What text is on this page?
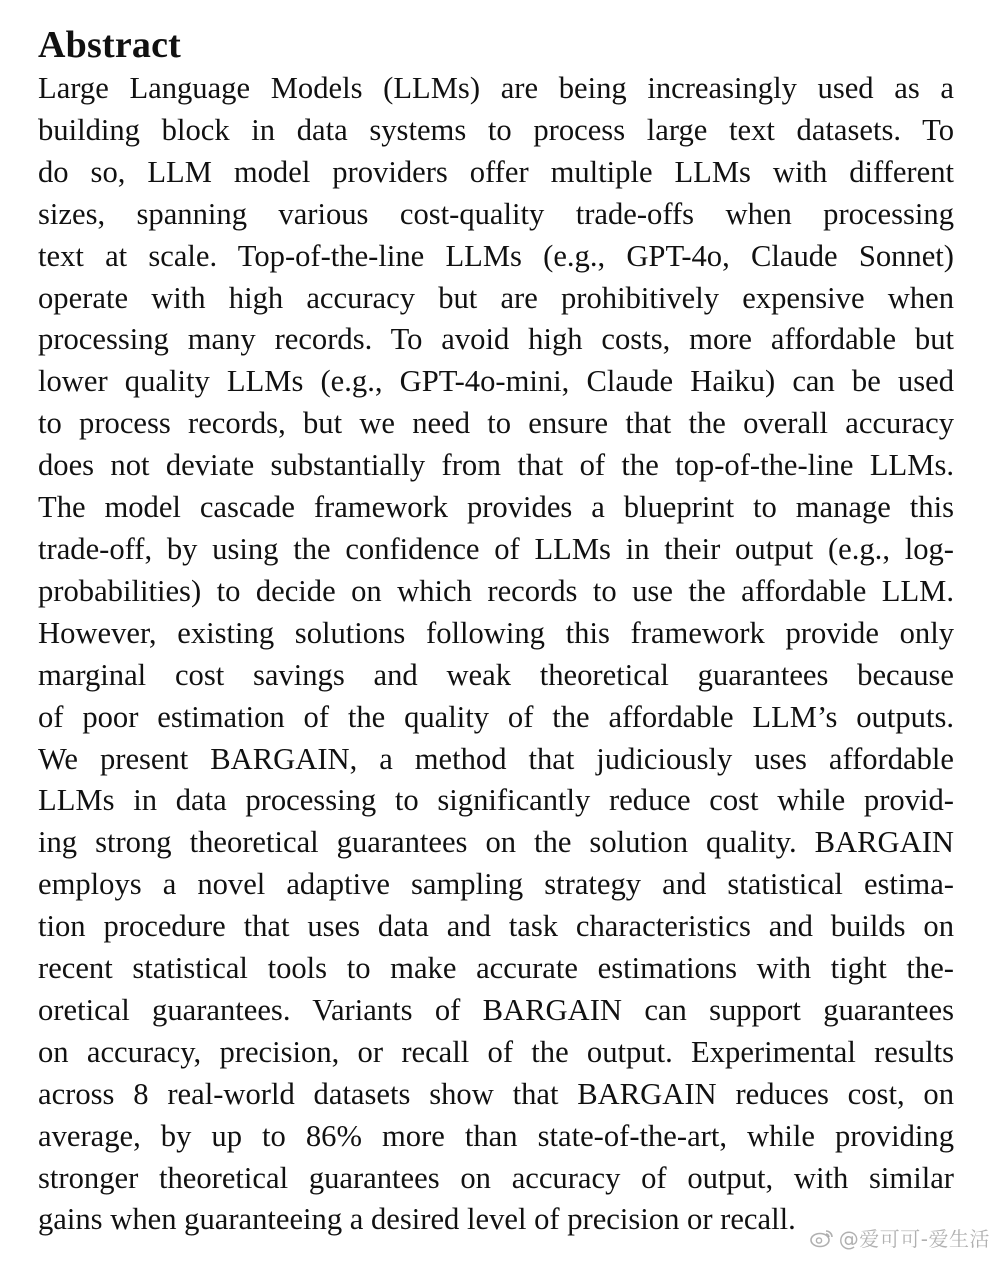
Abstract

Large Language Models (LLMs) are being increasingly used as a
building block in data systems to process large text datasets. To
do so, LLM model providers offer multiple LLMs with different
sizes, spanning various cost-quality trade-offs when processing
text at scale. Top-of-the-line LLMs (e.g., GPT-4o, Claude Sonnet)
operate with high accuracy but are prohibitively expensive when
processing many records. To avoid high costs, more affordable but
lower quality LLMs (e.g., GPT-4o-mini, Claude Haiku) can be used
to process records, but we need to ensure that the overall accuracy
does not deviate substantially from that of the top-of-the-line LLMs.
The model cascade framework provides a blueprint to manage this
trade-off, by using the confidence of LLMs in their output (e.g., log-
probabilities) to decide on which records to use the affordable LLM.
However, existing solutions following this framework provide only
marginal cost savings and weak theoretical guarantees because
of poor estimation of the quality of the affordable LLM’s outputs.
We present BARGAIN, a method that judiciously uses affordable
LLMs in data processing to significantly reduce cost while provid-
ing strong theoretical guarantees on the solution quality. BARGAIN
employs a novel adaptive sampling strategy and statistical estima-
tion procedure that uses data and task characteristics and builds on
recent statistical tools to make accurate estimations with tight the-
oretical guarantees. Variants of BARGAIN can support guarantees
on accuracy, precision, or recall of the output. Experimental results
across 8 real-world datasets show that BARGAIN reduces cost, on
average, by up to 86% more than state-of-the-art, while providing
stronger theoretical guarantees on accuracy of output, with similar
gains when guaranteeing a desired level of precision or recall.

@爱可可-爱生活
